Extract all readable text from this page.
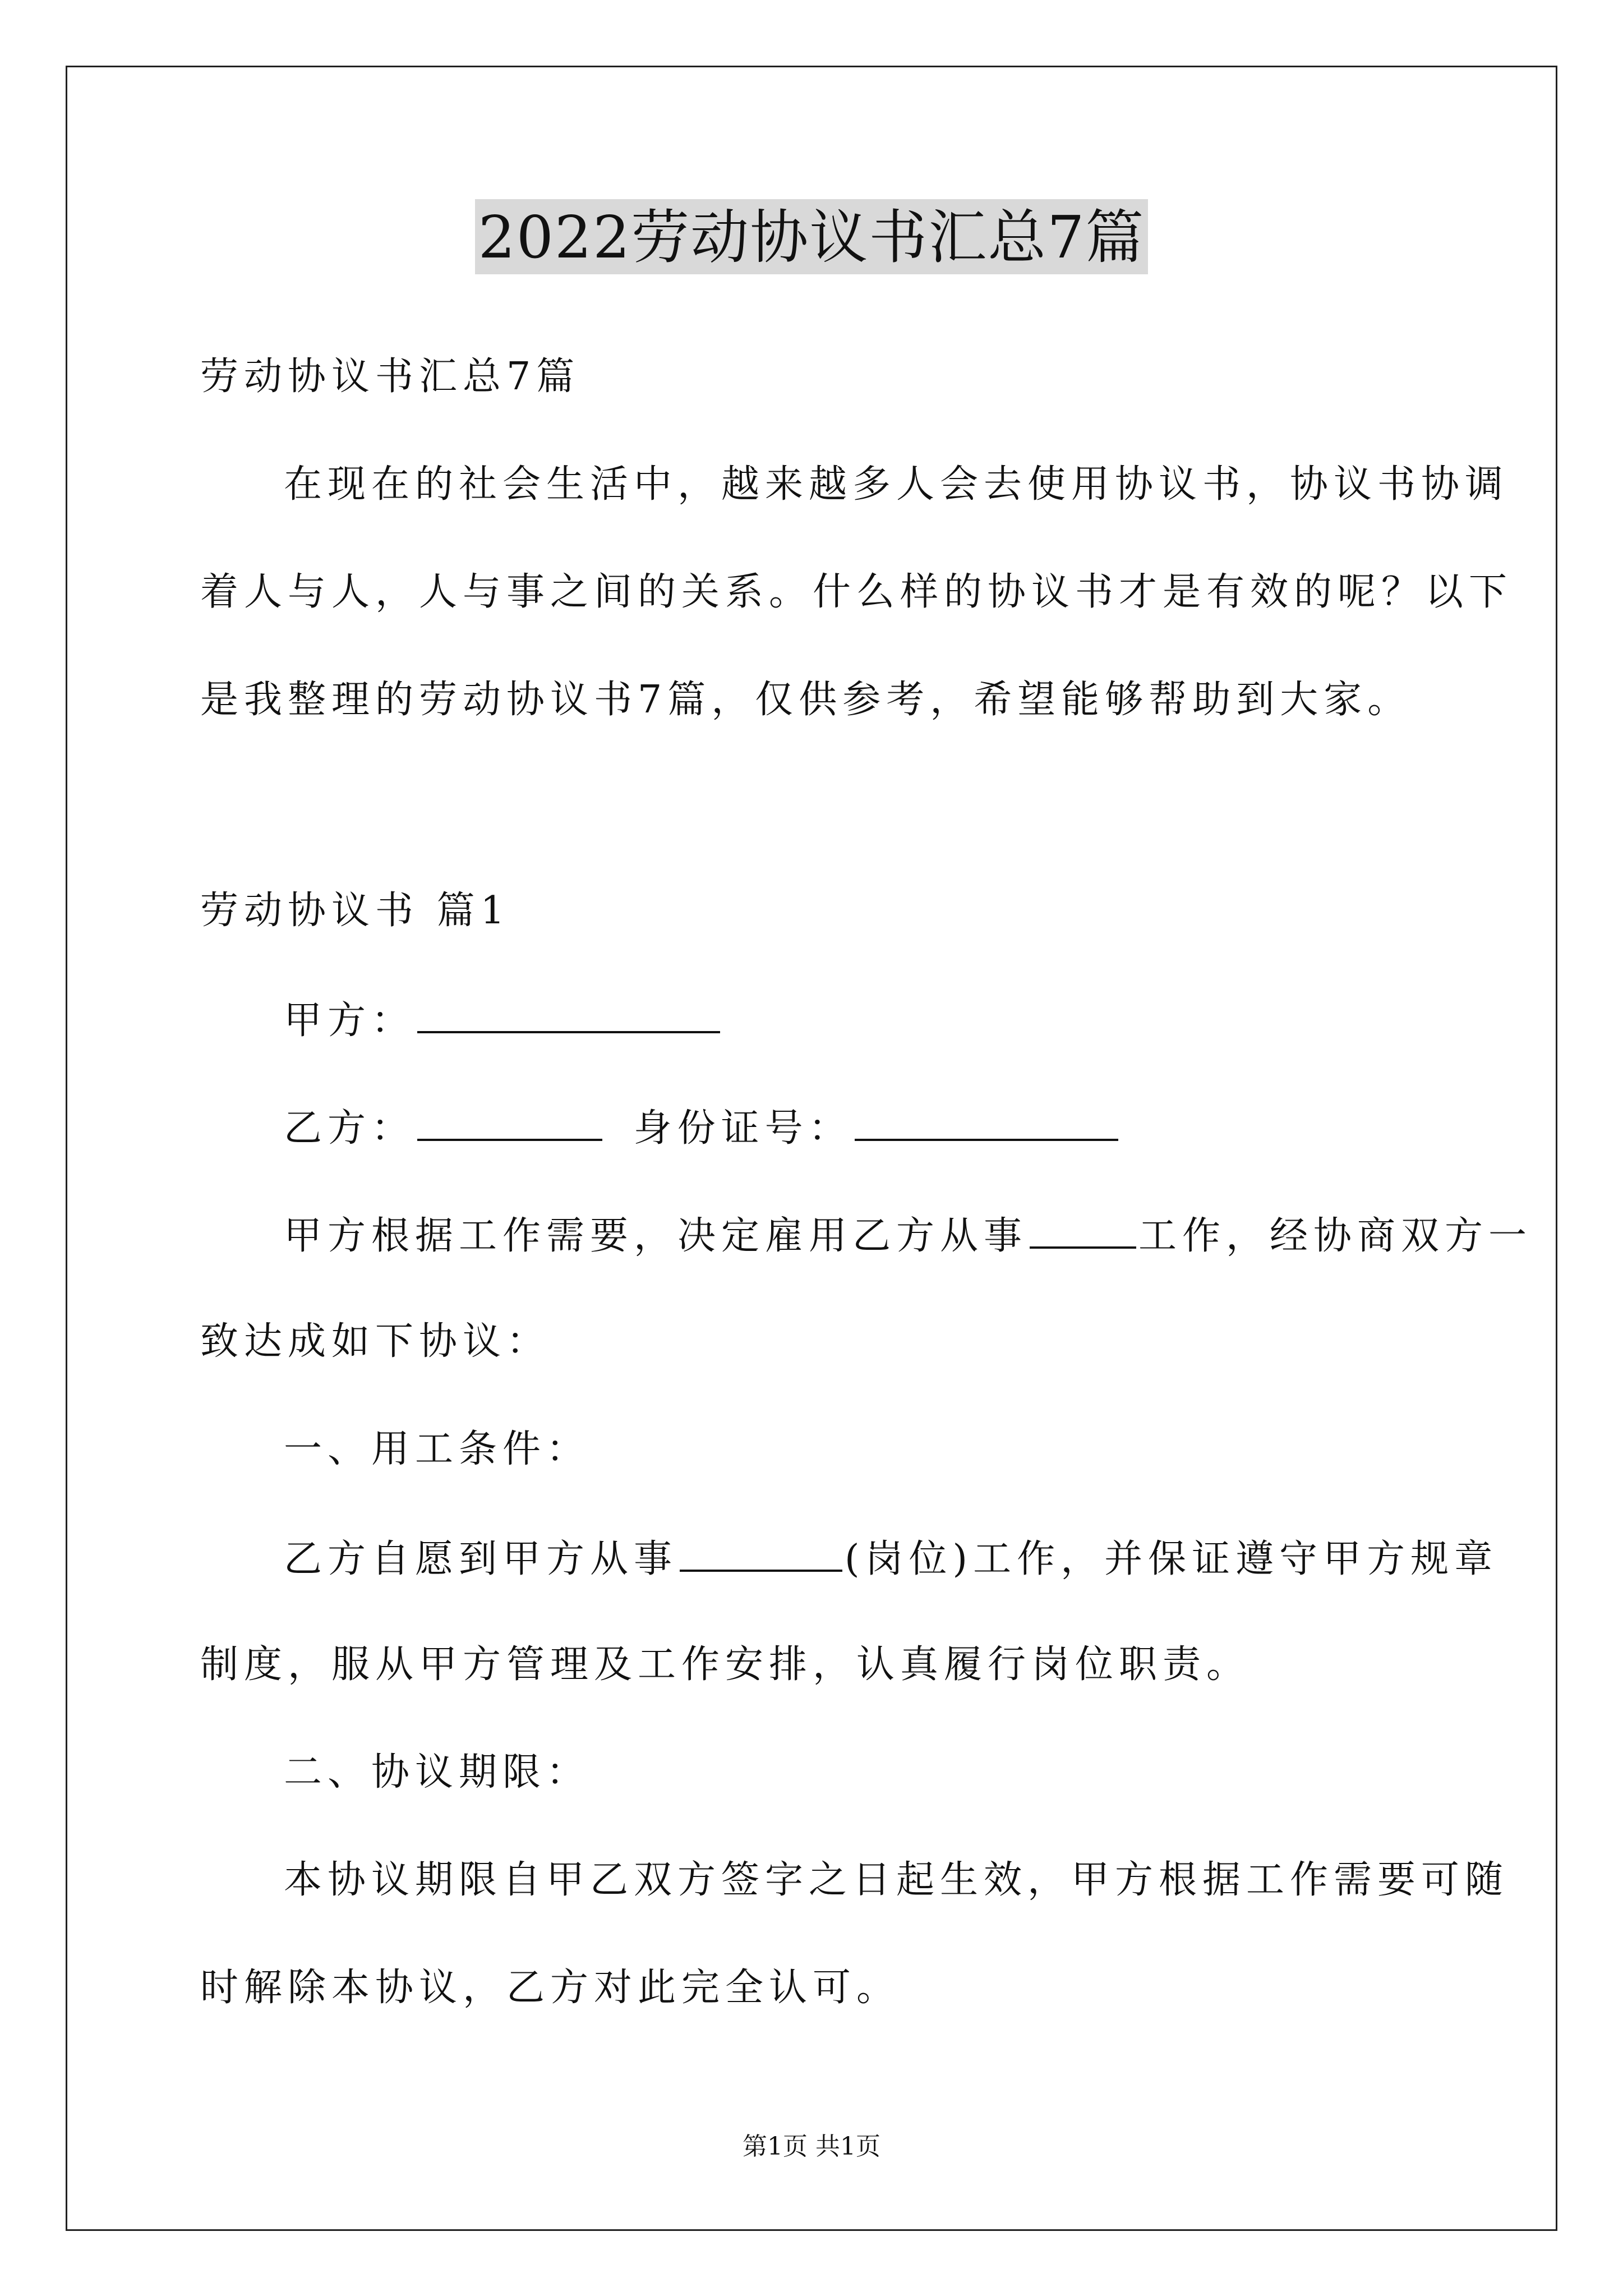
2022劳动协议书汇总7篇
劳动协议书汇总7篇
在现在的社会生活中，越来越多人会去使用协议书，协议书协调
着人与人，人与事之间的关系。什么样的协议书才是有效的呢？以下
是我整理的劳动协议书7篇，仅供参考，希望能够帮助到大家。
劳动协议书 篇1
甲方：
乙方：	身份证号：
甲方根据工作需要，决定雇用乙方从事	工作，经协商双方一
致达成如下协议：
一、用工条件：
乙方自愿到甲方从事	(岗位)工作，并保证遵守甲方规章
制度，服从甲方管理及工作安排，认真履行岗位职责。
二、协议期限：
本协议期限自甲乙双方签字之日起生效，甲方根据工作需要可随
时解除本协议，乙方对此完全认可。
第1页 共1页
